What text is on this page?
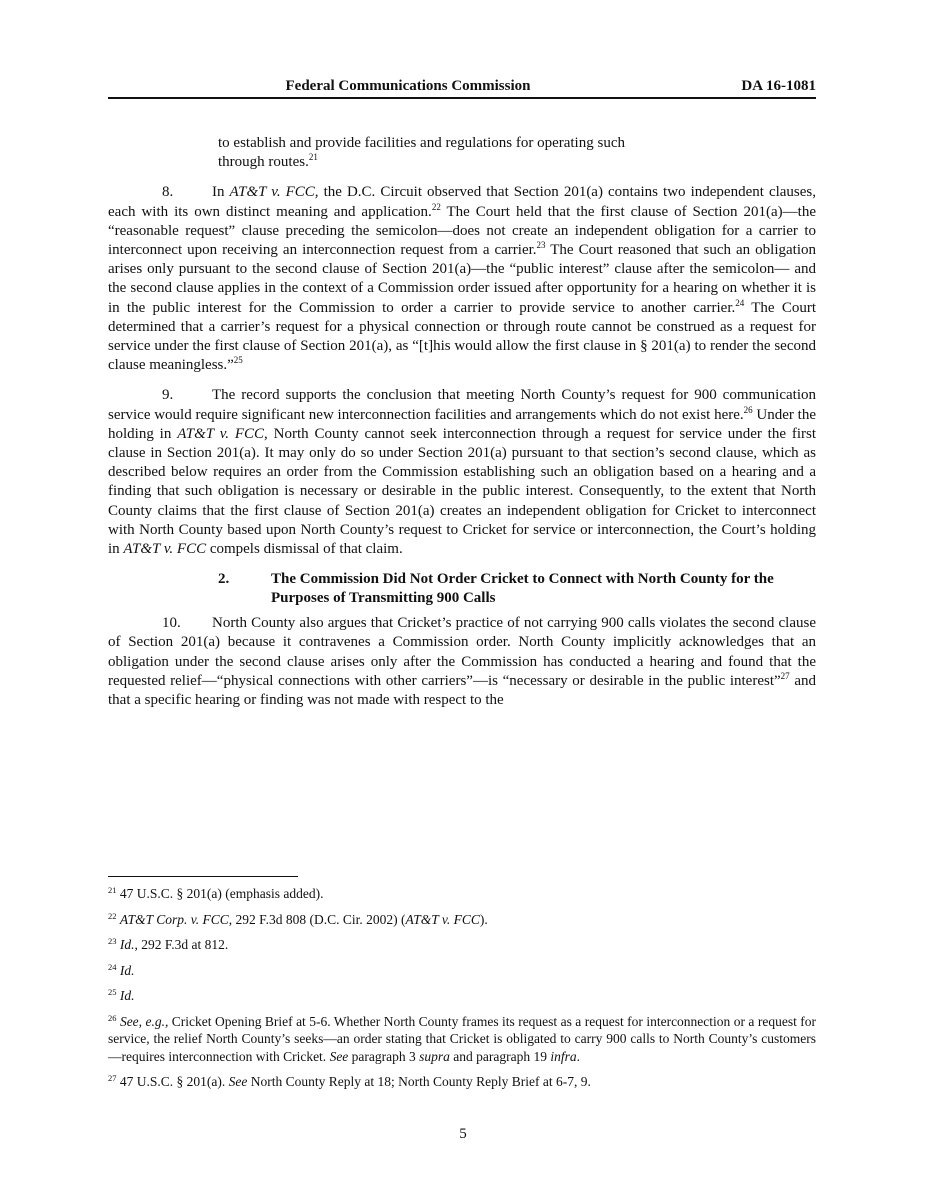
Federal Communications Commission	DA 16-1081
to establish and provide facilities and regulations for operating such
through routes.$^{21}$

8.	In AT&T v. FCC, the D.C. Circuit observed that Section 201(a) contains two independent clauses, each with its own distinct meaning and application.$^{22}$ The Court held that the first clause of Section 201(a)—the “reasonable request” clause preceding the semicolon—does not create an independent obligation for a carrier to interconnect upon receiving an interconnection request from a carrier.$^{23}$ The Court reasoned that such an obligation arises only pursuant to the second clause of Section 201(a)—the “public interest” clause after the semicolon— and the second clause applies in the context of a Commission order issued after opportunity for a hearing on whether it is in the public interest for the Commission to order a carrier to provide service to another carrier.$^{24}$ The Court determined that a carrier’s request for a physical connection or through route cannot be construed as a request for service under the first clause of Section 201(a), as “[t]his would allow the first clause in § 201(a) to render the second clause meaningless.”$^{25}$

9.	The record supports the conclusion that meeting North County’s request for 900 communication service would require significant new interconnection facilities and arrangements which do not exist here.$^{26}$ Under the holding in AT&T v. FCC, North County cannot seek interconnection through a request for service under the first clause in Section 201(a). It may only do so under Section 201(a) pursuant to that section’s second clause, which as described below requires an order from the Commission establishing such an obligation based on a hearing and a finding that such obligation is necessary or desirable in the public interest. Consequently, to the extent that North County claims that the first clause of Section 201(a) creates an independent obligation for Cricket to interconnect with North County based upon North County’s request to Cricket for service or interconnection, the Court’s holding in AT&T v. FCC compels dismissal of that claim.

2.	The Commission Did Not Order Cricket to Connect with North County for the Purposes of Transmitting 900 Calls

10. North County also argues that Cricket’s practice of not carrying 900 calls violates the second clause of Section 201(a) because it contravenes a Commission order. North County implicitly acknowledges that an obligation under the second clause arises only after the Commission has conducted a hearing and found that the requested relief—“physical connections with other carriers”—is “necessary or desirable in the public interest”$^{27}$ and that a specific hearing or finding was not made with respect to the

$^{21}$ 47 U.S.C. § 201(a) (emphasis added).

$^{22}$ AT&T Corp. v. FCC, 292 F.3d 808 (D.C. Cir. 2002) (AT&T v. FCC).

$^{23}$ Id., 292 F.3d at 812.

$^{24}$ Id.

$^{25}$ Id.

$^{26}$ See, e.g., Cricket Opening Brief at 5-6. Whether North County frames its request as a request for interconnection or a request for service, the relief North County’s seeks—an order stating that Cricket is obligated to carry 900 calls to North County’s customers—requires interconnection with Cricket. See paragraph 3 supra and paragraph 19 infra.

$^{27}$ 47 U.S.C. § 201(a). See North County Reply at 18; North County Reply Brief at 6-7, 9.

5
